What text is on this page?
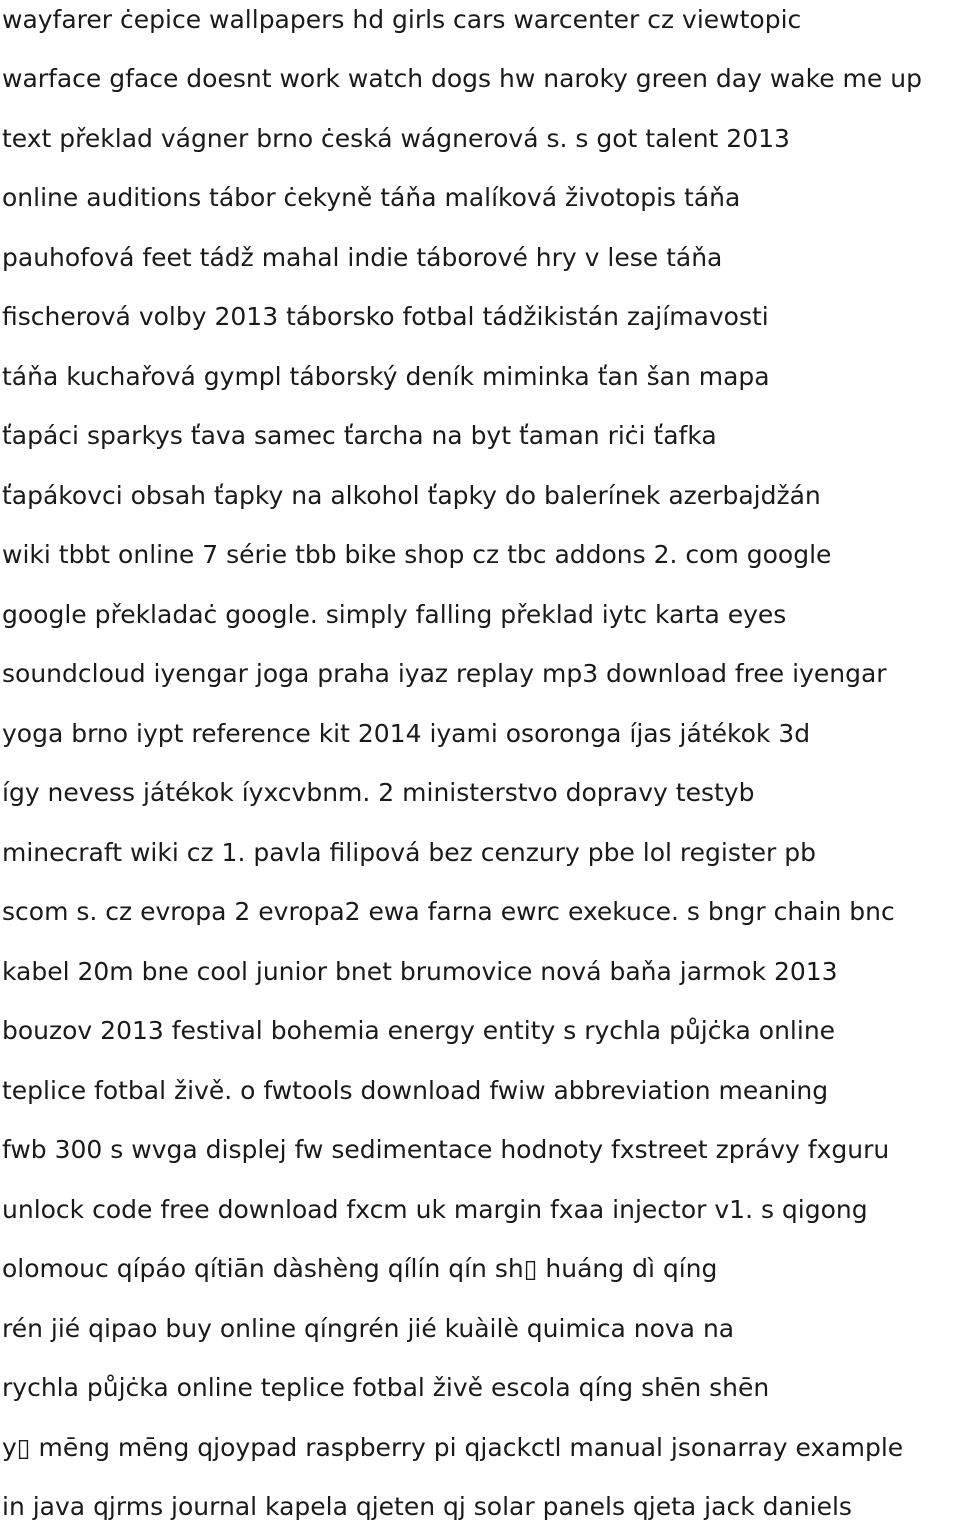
wayfarer ċepice wallpapers hd girls cars warcenter cz viewtopic
warface gface doesnt work watch dogs hw naroky green day wake me up
text překlad vágner brno ċeská wágnerová s. s got talent 2013
online auditions tábor ċekyně táňa malíková životopis táňa
pauhofová feet tádž mahal indie táborové hry v lese táňa
fischerová volby 2013 táborsko fotbal tádžikistán zajímavosti
táňa kuchařová gympl táborský deník miminka ťan šan mapa
ťapáci sparkys ťava samec ťarcha na byt ťaman riċi ťafka
ťapákovci obsah ťapky na alkohol ťapky do balerínek azerbajdžán
wiki tbbt online 7 série tbb bike shop cz tbc addons 2. com google
google překladaċ google. simply falling překlad iytc karta eyes
soundcloud iyengar joga praha iyaz replay mp3 download free iyengar
yoga brno iypt reference kit 2014 iyami osoronga íjas játékok 3d
így nevess játékok íyxcvbnm. 2 ministerstvo dopravy testyb
minecraft wiki cz 1. pavla filipová bez cenzury pbe lol register pb
scom s. cz evropa 2 evropa2 ewa farna ewrc exekuce. s bngr chain bnc
kabel 20m bne cool junior bnet brumovice nová baňa jarmok 2013
bouzov 2013 festival bohemia energy entity s rychla půjċka online
teplice fotbal živě. o fwtools download fwiw abbreviation meaning
fwb 300 s wvga displej fw sedimentace hodnoty fxstreet zprávy fxguru
unlock code free download fxcm uk margin fxaa injector v1. s qigong
olomouc qípáo qítiān dàshèng qílín qín sh▯ huáng dì qíng
rén jié qipao buy online qíngrén jié kuàilè quimica nova na
rychla půjċka online teplice fotbal živě escola qíng shēn shēn
y▯ mēng mēng qjoypad raspberry pi qjackctl manual jsonarray example
in java qjrms journal kapela qjeten qj solar panels qjeta jack daniels
